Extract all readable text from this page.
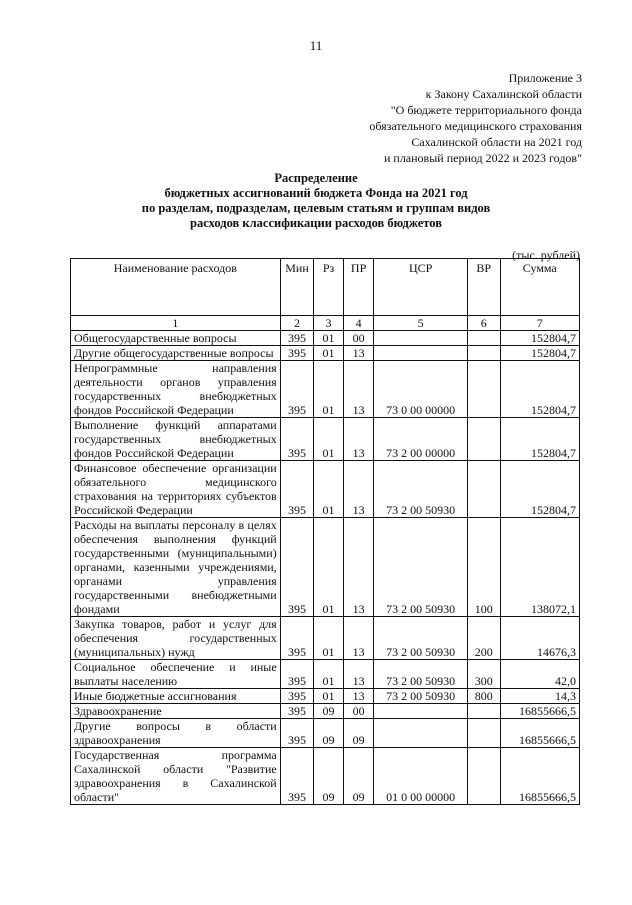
11
Приложение 3
к Закону Сахалинской области
"О бюджете территориального фонда
обязательного медицинского страхования
Сахалинской области на 2021 год
и плановый период 2022 и 2023 годов"
Распределение
бюджетных ассигнований бюджета Фонда на 2021 год
по разделам, подразделам, целевым статьям и группам видов
расходов классификации расходов бюджетов
(тыс. рублей)
Наименование расходов	Мин	Рз	ПР	ЦСР	ВР	Сумма
1	2	3	4	5	6	7
Общегосударственные вопросы	395	01	00			152804,7
Другие общегосударственные вопросы	395	01	13			152804,7
Непрограммные направления деятельности органов управления государственных внебюджетных фондов Российской Федерации	395	01	13	73 0 00 00000		152804,7
Выполнение функций аппаратами государственных внебюджетных фондов Российской Федерации	395	01	13	73 2 00 00000		152804,7
Финансовое обеспечение организации обязательного медицинского страхования на территориях субъектов Российской Федерации	395	01	13	73 2 00 50930		152804,7
Расходы на выплаты персоналу в целях обеспечения выполнения функций государственными (муниципальными) органами, казенными учреждениями, органами управления государственными внебюджетными фондами	395	01	13	73 2 00 50930	100	138072,1
Закупка товаров, работ и услуг для обеспечения государственных (муниципальных) нужд	395	01	13	73 2 00 50930	200	14676,3
Социальное обеспечение и иные выплаты населению	395	01	13	73 2 00 50930	300	42,0
Иные бюджетные ассигнования	395	01	13	73 2 00 50930	800	14,3
Здравоохранение	395	09	00			16855666,5
Другие вопросы в области здравоохранения	395	09	09			16855666,5
Государственная программа Сахалинской области "Развитие здравоохранения в Сахалинской области"	395	09	09	01 0 00 00000		16855666,5
